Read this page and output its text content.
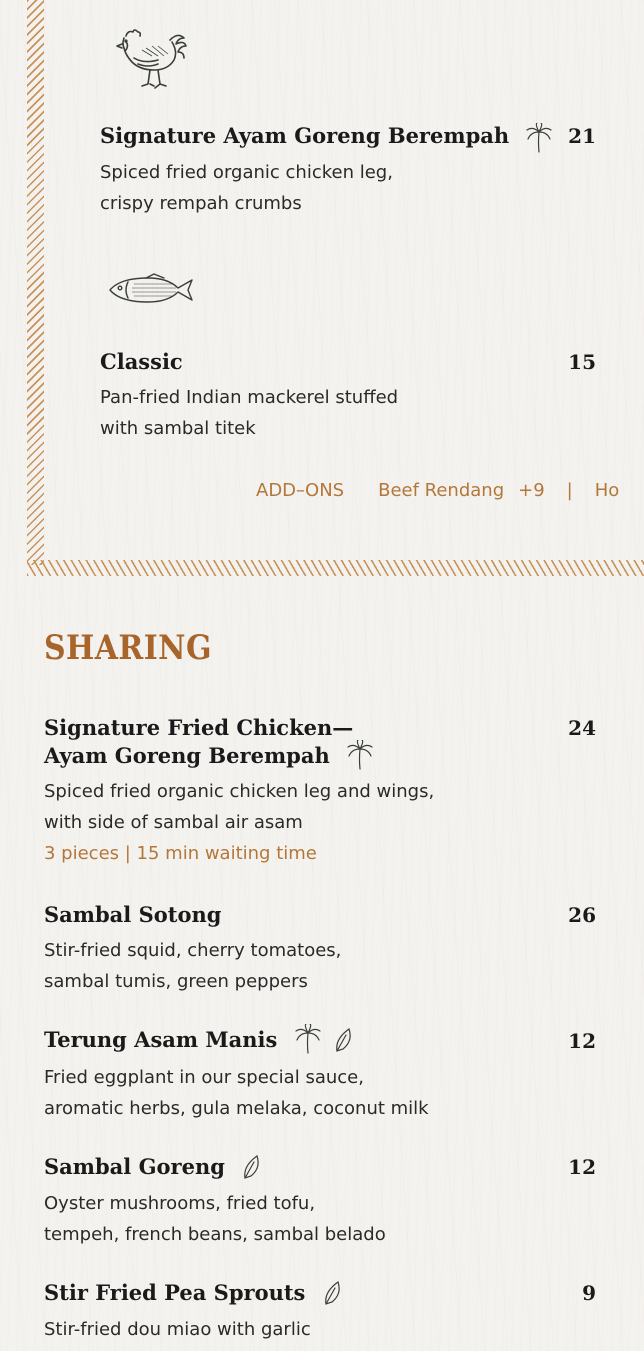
Signature Ayam Goreng Berempah	21
Spiced fried organic chicken leg,
crispy rempah crumbs
Classic	15
Pan-fried Indian mackerel stuffed
with sambal titek
ADD–ONS Beef Rendang +9 | Ho
SHARING
Signature Fried Chicken—
Ayam Goreng Berempah
24
Spiced fried organic chicken leg and wings,
with side of sambal air asam
3 pieces | 15 min waiting time
Sambal Sotong	26
Stir-fried squid, cherry tomatoes,
sambal tumis, green peppers
Terung Asam Manis	12
Fried eggplant in our special sauce,
aromatic herbs, gula melaka, coconut milk
Sambal Goreng	12
Oyster mushrooms, fried tofu,
tempeh, french beans, sambal belado
Stir Fried Pea Sprouts	9
Stir-fried dou miao with garlic
